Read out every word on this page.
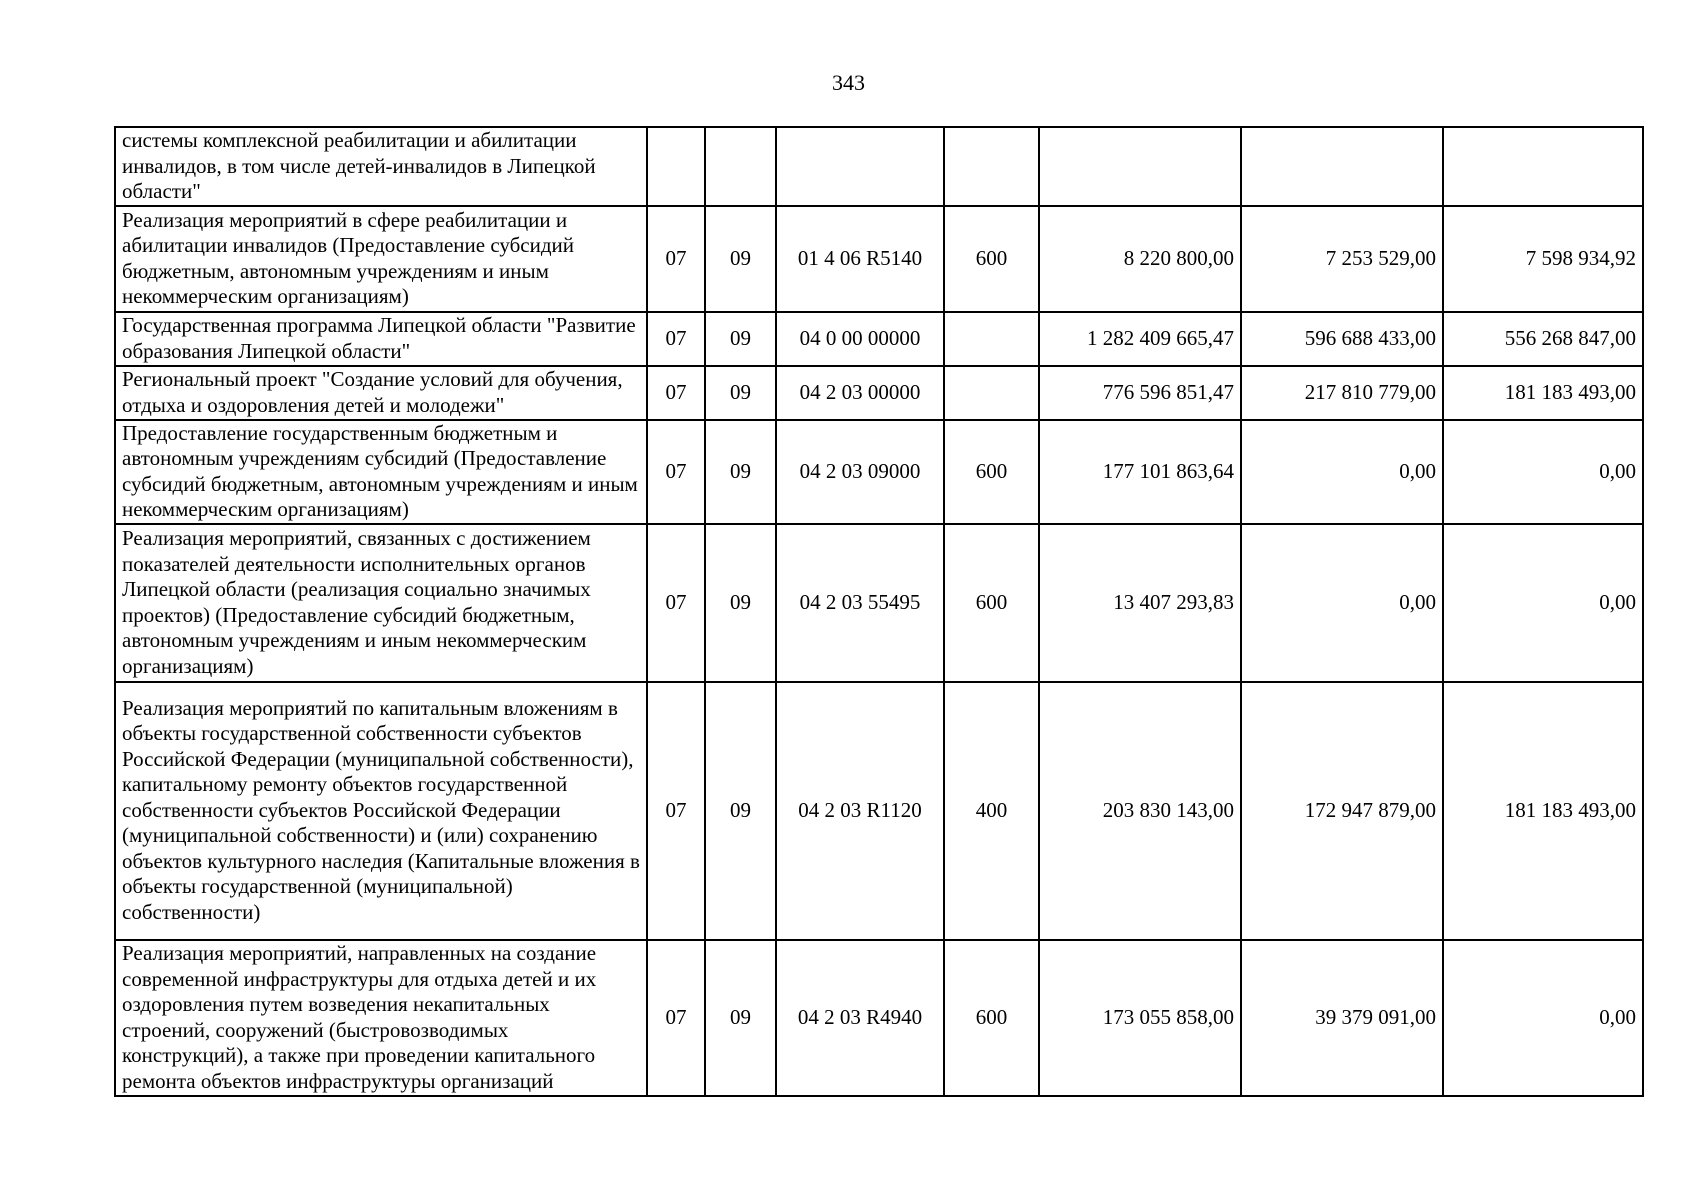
343
системы комплексной реабилитации и абилитации инвалидов, в том числе детей-инвалидов в Липецкой области"							
Реализация мероприятий в сфере реабилитации и абилитации инвалидов (Предоставление субсидий бюджетным, автономным учреждениям и иным некоммерческим организациям)	07	09	01 4 06 R5140	600	8 220 800,00	7 253 529,00	7 598 934,92
Государственная программа Липецкой области "Развитие образования Липецкой области"	07	09	04 0 00 00000		1 282 409 665,47	596 688 433,00	556 268 847,00
Региональный проект "Создание условий для обучения, отдыха и оздоровления детей и молодежи"	07	09	04 2 03 00000		776 596 851,47	217 810 779,00	181 183 493,00
Предоставление государственным бюджетным и автономным учреждениям субсидий (Предоставление субсидий бюджетным, автономным учреждениям и иным некоммерческим организациям)	07	09	04 2 03 09000	600	177 101 863,64	0,00	0,00
Реализация мероприятий, связанных с достижением показателей деятельности исполнительных органов Липецкой области (реализация социально значимых проектов) (Предоставление субсидий бюджетным, автономным учреждениям и иным некоммерческим организациям)	07	09	04 2 03 55495	600	13 407 293,83	0,00	0,00
Реализация мероприятий по капитальным вложениям в объекты государственной собственности субъектов Российской Федерации (муниципальной собственности), капитальному ремонту объектов государственной собственности субъектов Российской Федерации (муниципальной собственности) и (или) сохранению объектов культурного наследия (Капитальные вложения в объекты государственной (муниципальной) собственности)	07	09	04 2 03 R1120	400	203 830 143,00	172 947 879,00	181 183 493,00
Реализация мероприятий, направленных на создание современной инфраструктуры для отдыха детей и их оздоровления путем возведения некапитальных строений, сооружений (быстровозводимых конструкций), а также при проведении капитального ремонта объектов инфраструктуры организаций	07	09	04 2 03 R4940	600	173 055 858,00	39 379 091,00	0,00
